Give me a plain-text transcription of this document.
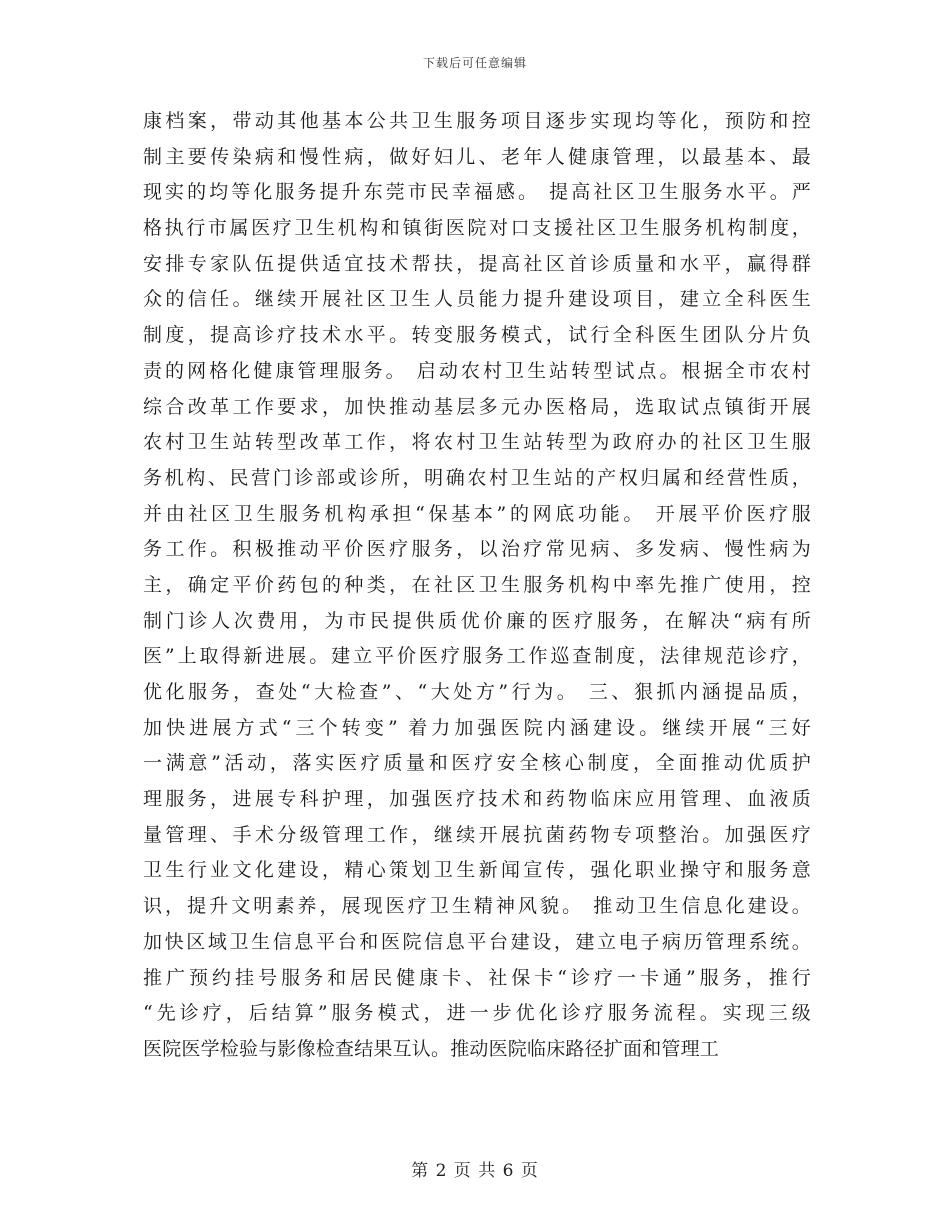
下载后可任意编辑
康档案，带动其他基本公共卫生服务项目逐步实现均等化，预防和控
制主要传染病和慢性病，做好妇儿、老年人健康管理，以最基本、最
现实的均等化服务提升东莞市民幸福感。 提高社区卫生服务水平。严
格执行市属医疗卫生机构和镇街医院对口支援社区卫生服务机构制度，
安排专家队伍提供适宜技术帮扶，提高社区首诊质量和水平，赢得群
众的信任。继续开展社区卫生人员能力提升建设项目，建立全科医生
制度，提高诊疗技术水平。转变服务模式，试行全科医生团队分片负
责的网格化健康管理服务。 启动农村卫生站转型试点。根据全市农村
综合改革工作要求，加快推动基层多元办医格局，选取试点镇街开展
农村卫生站转型改革工作，将农村卫生站转型为政府办的社区卫生服
务机构、民营门诊部或诊所，明确农村卫生站的产权归属和经营性质，
并由社区卫生服务机构承担“保基本”的网底功能。 开展平价医疗服
务工作。积极推动平价医疗服务，以治疗常见病、多发病、慢性病为
主，确定平价药包的种类，在社区卫生服务机构中率先推广使用，控
制门诊人次费用，为市民提供质优价廉的医疗服务，在解决“病有所
医”上取得新进展。建立平价医疗服务工作巡查制度，法律规范诊疗，
优化服务，查处“大检查”、“大处方”行为。 三、狠抓内涵提品质，
加快进展方式“三个转变” 着力加强医院内涵建设。继续开展“三好
一满意”活动，落实医疗质量和医疗安全核心制度，全面推动优质护
理服务，进展专科护理，加强医疗技术和药物临床应用管理、血液质
量管理、手术分级管理工作，继续开展抗菌药物专项整治。加强医疗
卫生行业文化建设，精心策划卫生新闻宣传，强化职业操守和服务意
识，提升文明素养，展现医疗卫生精神风貌。 推动卫生信息化建设。
加快区域卫生信息平台和医院信息平台建设，建立电子病历管理系统。
推广预约挂号服务和居民健康卡、社保卡“诊疗一卡通”服务，推行
“先诊疗，后结算”服务模式，进一步优化诊疗服务流程。实现三级
医院医学检验与影像检查结果互认。推动医院临床路径扩面和管理工
第 2 页 共 6 页
